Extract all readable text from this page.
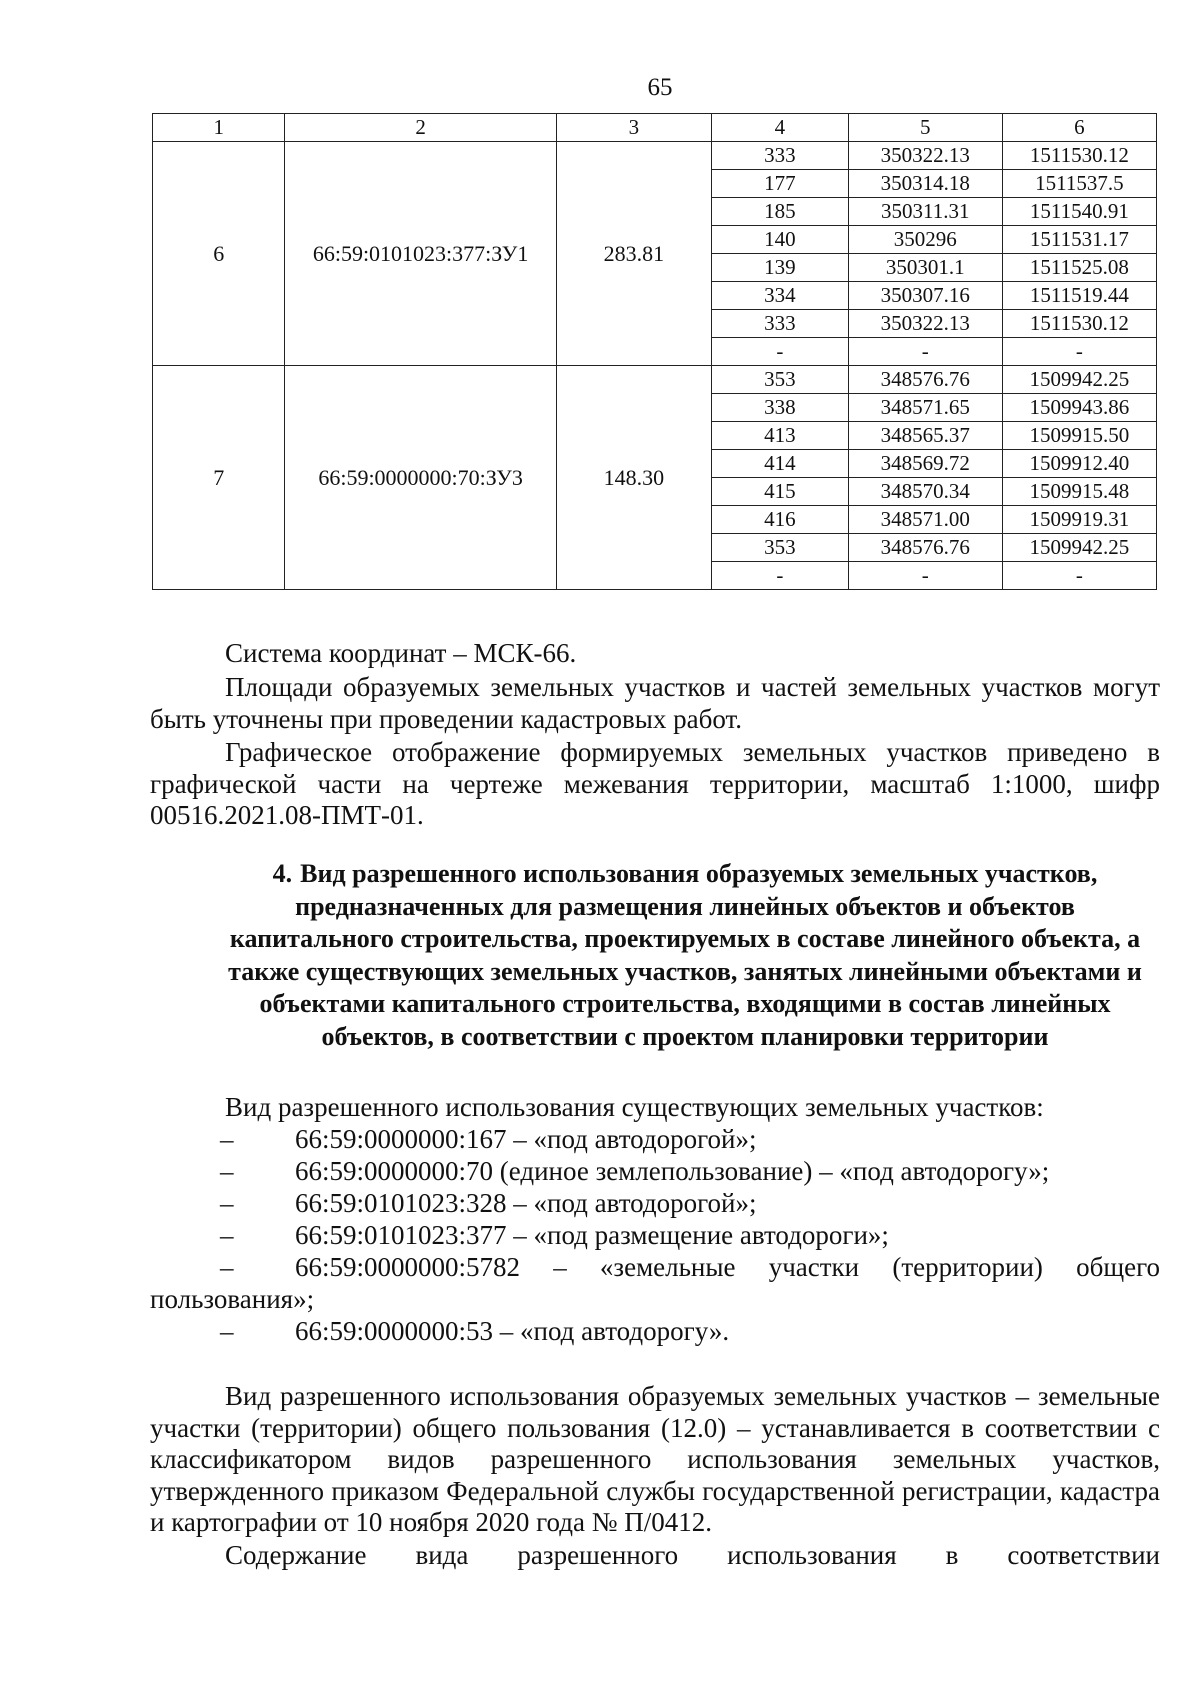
65
1	2	3	4	5	6
6	66:59:0101023:377:ЗУ1	283.81	333	350322.13	1511530.12
			177	350314.18	1511537.5
			185	350311.31	1511540.91
			140	350296	1511531.17
			139	350301.1	1511525.08
			334	350307.16	1511519.44
			333	350322.13	1511530.12
			-	-	-
7	66:59:0000000:70:ЗУ3	148.30	353	348576.76	1509942.25
			338	348571.65	1509943.86
			413	348565.37	1509915.50
			414	348569.72	1509912.40
			415	348570.34	1509915.48
			416	348571.00	1509919.31
			353	348576.76	1509942.25
			-	-	-

Система координат – МСК-66.

Площади образуемых земельных участков и частей земельных участков могут быть уточнены при проведении кадастровых работ.

Графическое отображение формируемых земельных участков приведено в графической части на чертеже межевания территории, масштаб 1:1000, шифр 00516.2021.08-ПМТ-01.

4. Вид разрешенного использования образуемых земельных участков, предназначенных для размещения линейных объектов и объектов капитального строительства, проектируемых в составе линейного объекта, а также существующих земельных участков, занятых линейными объектами и объектами капитального строительства, входящими в состав линейных объектов, в соответствии с проектом планировки территории

Вид разрешенного использования существующих земельных участков:

– 66:59:0000000:167 – «под автодорогой»;

– 66:59:0000000:70 (единое землепользование) – «под автодорогу»;

– 66:59:0101023:328 – «под автодорогой»;

– 66:59:0101023:377 – «под размещение автодороги»;

– 66:59:0000000:5782 – «земельные участки (территории) общего пользования»;

– 66:59:0000000:53 – «под автодорогу».

Вид разрешенного использования образуемых земельных участков – земельные участки (территории) общего пользования (12.0) – устанавливается в соответствии с классификатором видов разрешенного использования земельных участков, утвержденного приказом Федеральной службы государственной регистрации, кадастра и картографии от 10 ноября 2020 года № П/0412.

Содержание вида разрешенного использования в соответствии
